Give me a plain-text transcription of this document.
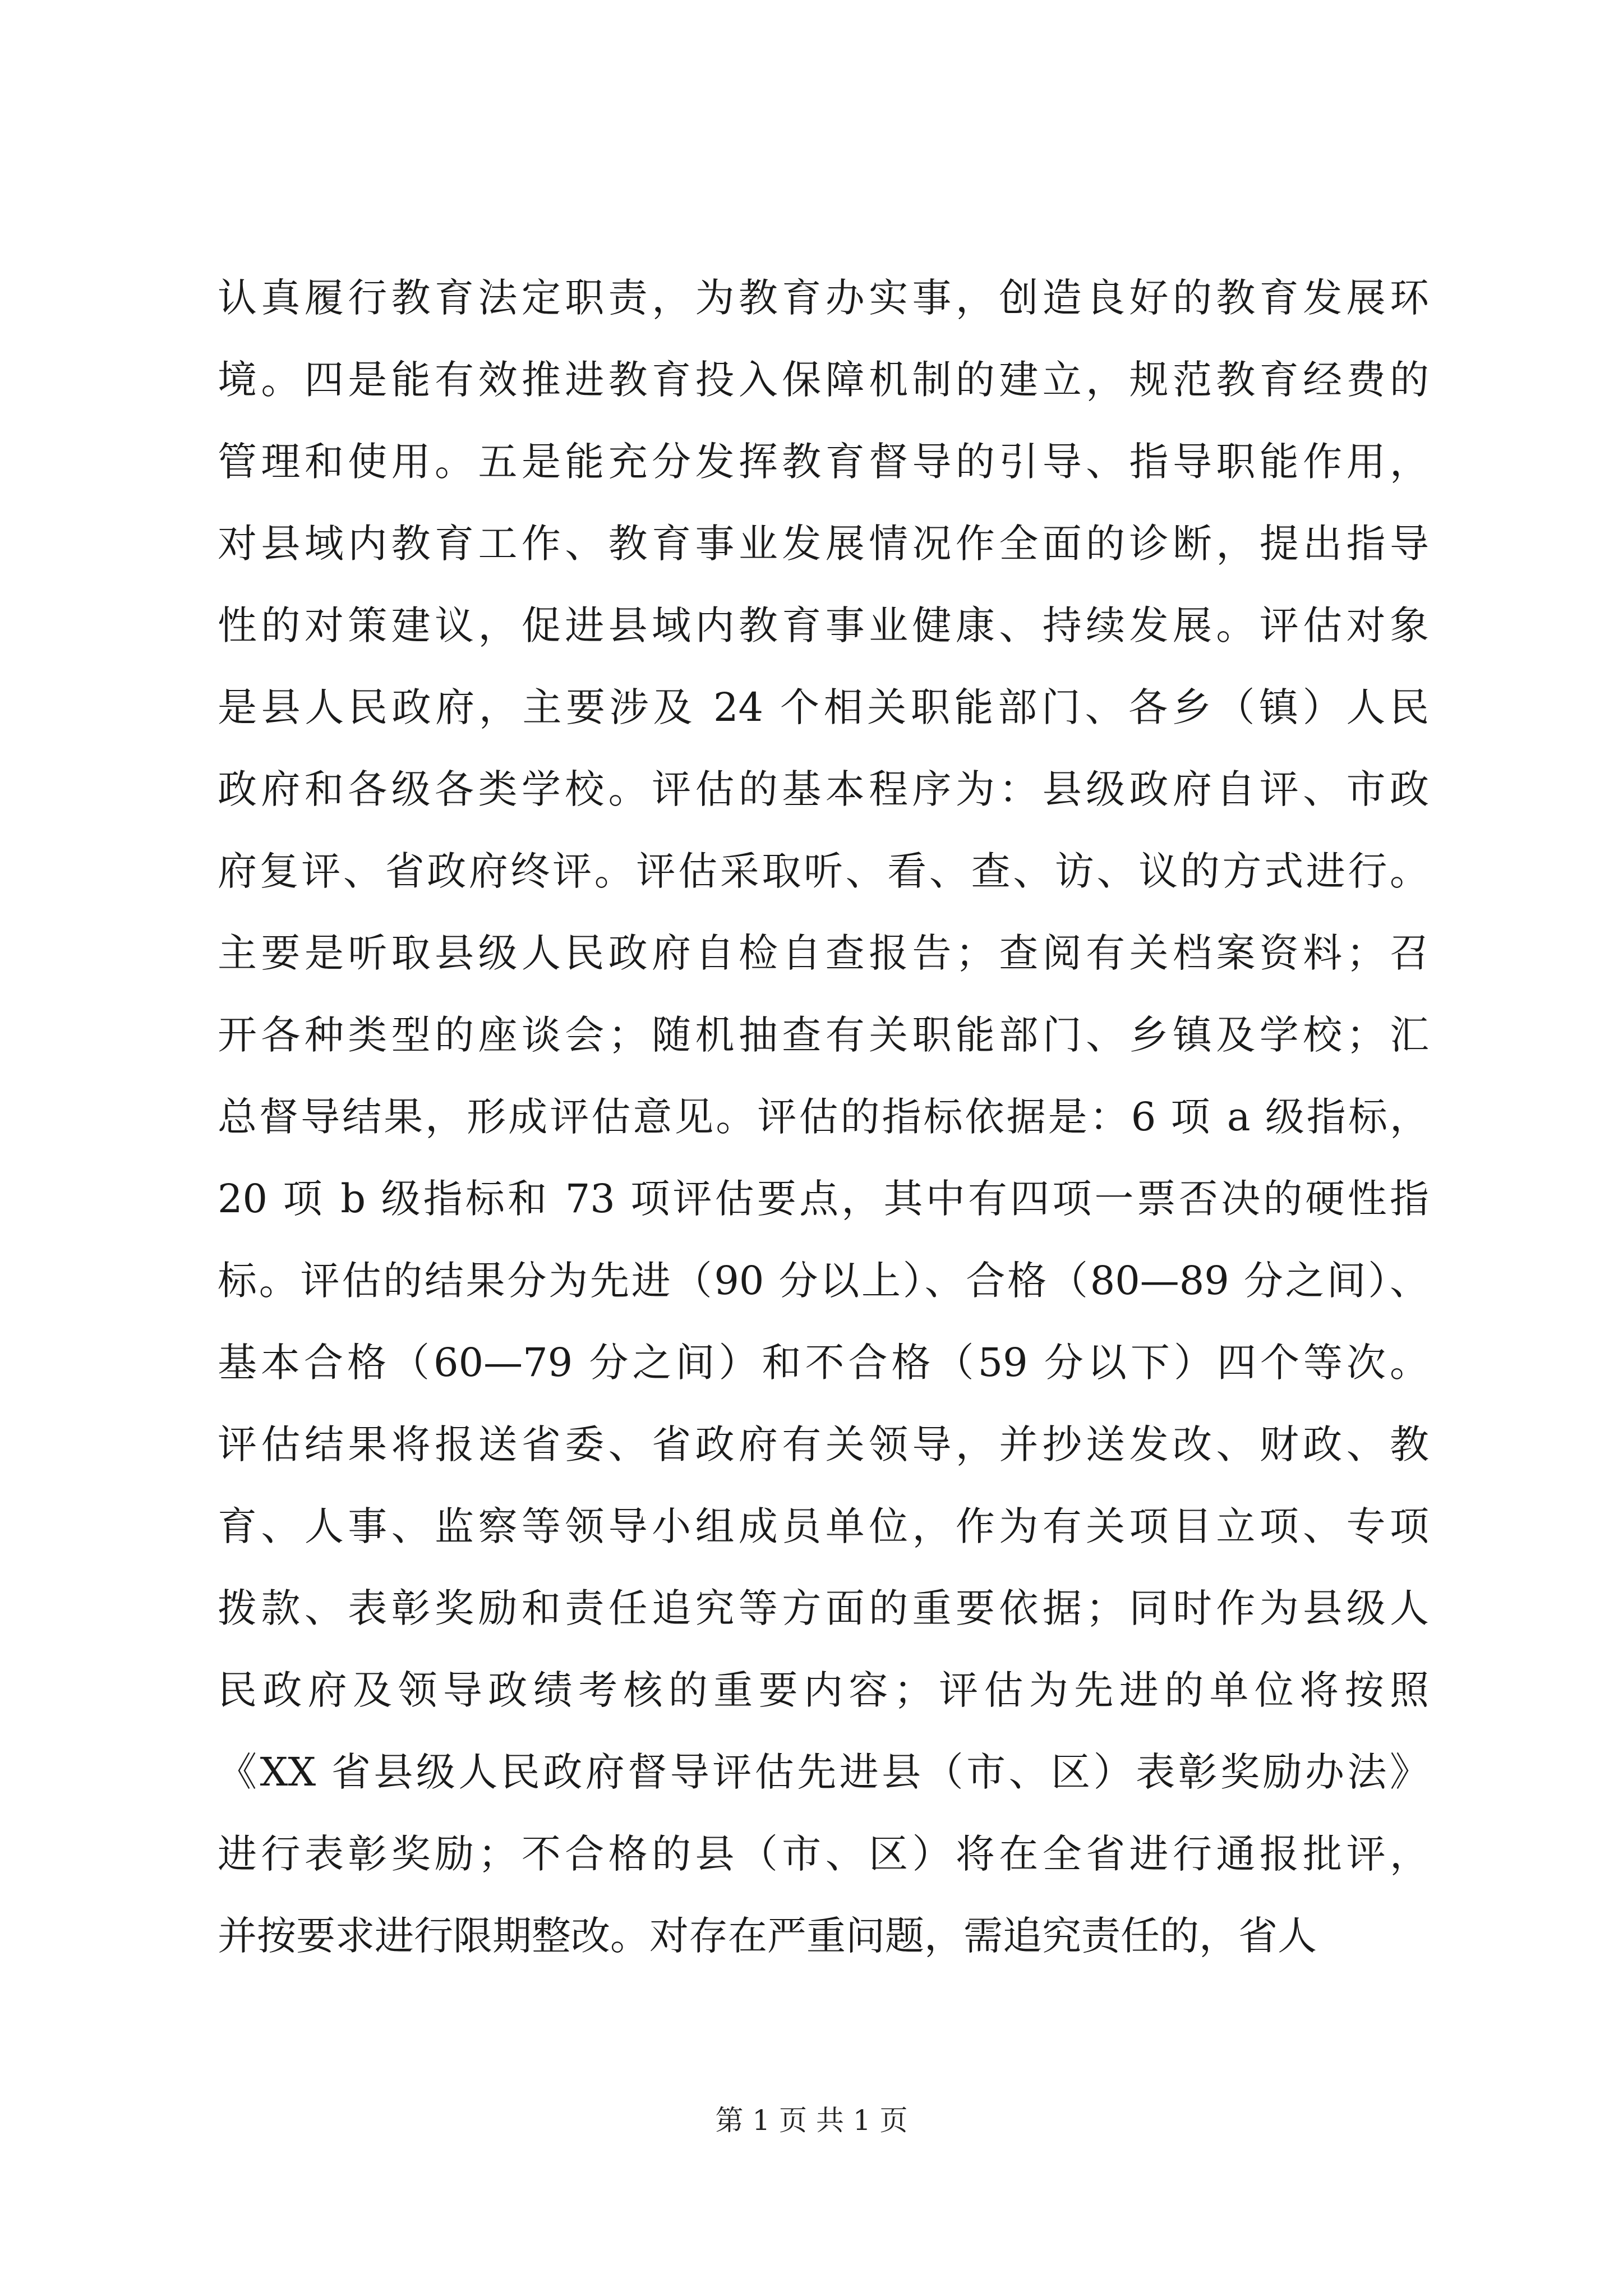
认真履行教育法定职责，为教育办实事，创造良好的教育发展环
境。四是能有效推进教育投入保障机制的建立，规范教育经费的
管理和使用。五是能充分发挥教育督导的引导、指导职能作用，
对县域内教育工作、教育事业发展情况作全面的诊断，提出指导
性的对策建议，促进县域内教育事业健康、持续发展。评估对象
是县人民政府，主要涉及 24 个相关职能部门、各乡（镇）人民
政府和各级各类学校。评估的基本程序为：县级政府自评、市政
府复评、省政府终评。评估采取听、看、查、访、议的方式进行。
主要是听取县级人民政府自检自查报告；查阅有关档案资料；召
开各种类型的座谈会；随机抽查有关职能部门、乡镇及学校；汇
总督导结果，形成评估意见。评估的指标依据是：6 项 a 级指标，
20 项 b 级指标和 73 项评估要点，其中有四项一票否决的硬性指
标。评估的结果分为先进（90 分以上）、合格（80—89 分之间）、
基本合格（60—79 分之间）和不合格（59 分以下）四个等次。
评估结果将报送省委、省政府有关领导，并抄送发改、财政、教
育、人事、监察等领导小组成员单位，作为有关项目立项、专项
拨款、表彰奖励和责任追究等方面的重要依据；同时作为县级人
民政府及领导政绩考核的重要内容；评估为先进的单位将按照
《XX 省县级人民政府督导评估先进县（市、区）表彰奖励办法》
进行表彰奖励；不合格的县（市、区）将在全省进行通报批评，
并按要求进行限期整改。对存在严重问题，需追究责任的，省人
第 1 页 共 1 页
